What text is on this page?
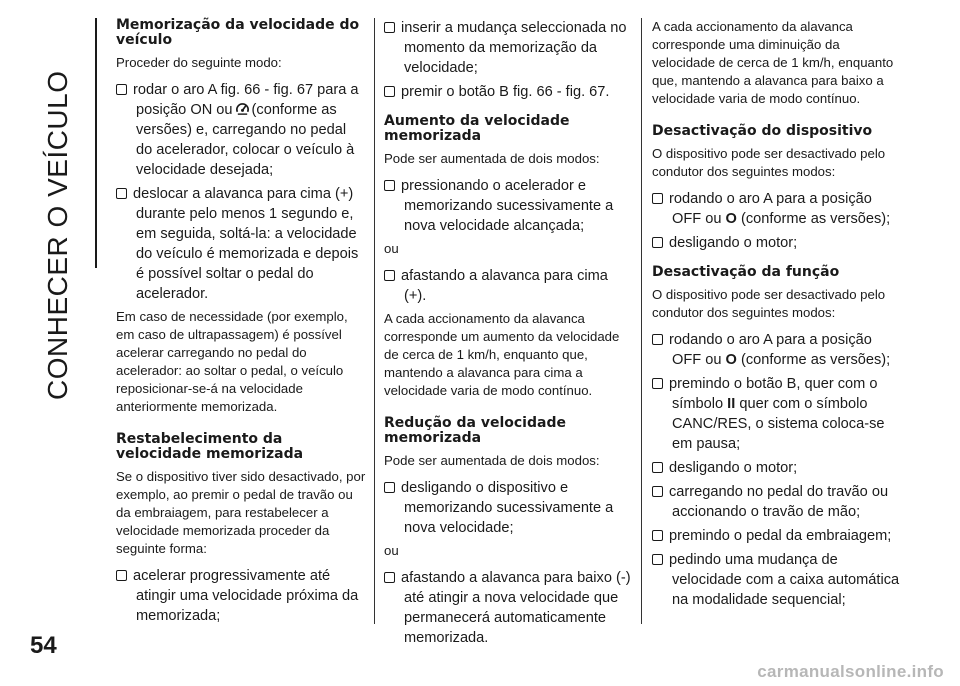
CONHECER O VEÍCULO
54
carmanualsonline.info
Memorização da velocidade do veículo

Proceder do seguinte modo:

rodar o aro A fig. 66 - fig. 67 para a posição ON ou (conforme as versões) e, carregando no pedal do acelerador, colocar o veículo à velocidade desejada;

deslocar a alavanca para cima (+) durante pelo menos 1 segundo e, em seguida, soltá-la: a velocidade do veículo é memorizada e depois é possível soltar o pedal do acelerador.

Em caso de necessidade (por exemplo, em caso de ultrapassagem) é possível acelerar carregando no pedal do acelerador: ao soltar o pedal, o veículo reposicionar-se-á na velocidade anteriormente memorizada.

Restabelecimento da velocidade memorizada

Se o dispositivo tiver sido desactivado, por exemplo, ao premir o pedal de travão ou da embraiagem, para restabelecer a velocidade memorizada proceder da seguinte forma:

acelerar progressivamente até atingir uma velocidade próxima da memorizada;

inserir a mudança seleccionada no momento da memorização da velocidade;

premir o botão B fig. 66 - fig. 67.

Aumento da velocidade memorizada

Pode ser aumentada de dois modos:

pressionando o acelerador e memorizando sucessivamente a nova velocidade alcançada;

ou

afastando a alavanca para cima (+).

A cada accionamento da alavanca corresponde um aumento da velocidade de cerca de 1 km/h, enquanto que, mantendo a alavanca para cima a velocidade varia de modo contínuo.

Redução da velocidade memorizada

Pode ser aumentada de dois modos:

desligando o dispositivo e memorizando sucessivamente a nova velocidade;

ou

afastando a alavanca para baixo (-) até atingir a nova velocidade que permanecerá automaticamente memorizada.

A cada accionamento da alavanca corresponde uma diminuição da velocidade de cerca de 1 km/h, enquanto que, mantendo a alavanca para baixo a velocidade varia de modo contínuo.

Desactivação do dispositivo

O dispositivo pode ser desactivado pelo condutor dos seguintes modos:

rodando o aro A para a posição OFF ou O (conforme as versões);

desligando o motor;

Desactivação da função

O dispositivo pode ser desactivado pelo condutor dos seguintes modos:

rodando o aro A para a posição OFF ou O (conforme as versões);

premindo o botão B, quer com o símbolo II quer com o símbolo CANC/RES, o sistema coloca-se em pausa;

desligando o motor;

carregando no pedal do travão ou accionando o travão de mão;

premindo o pedal da embraiagem;

pedindo uma mudança de velocidade com a caixa automática na modalidade sequencial;
